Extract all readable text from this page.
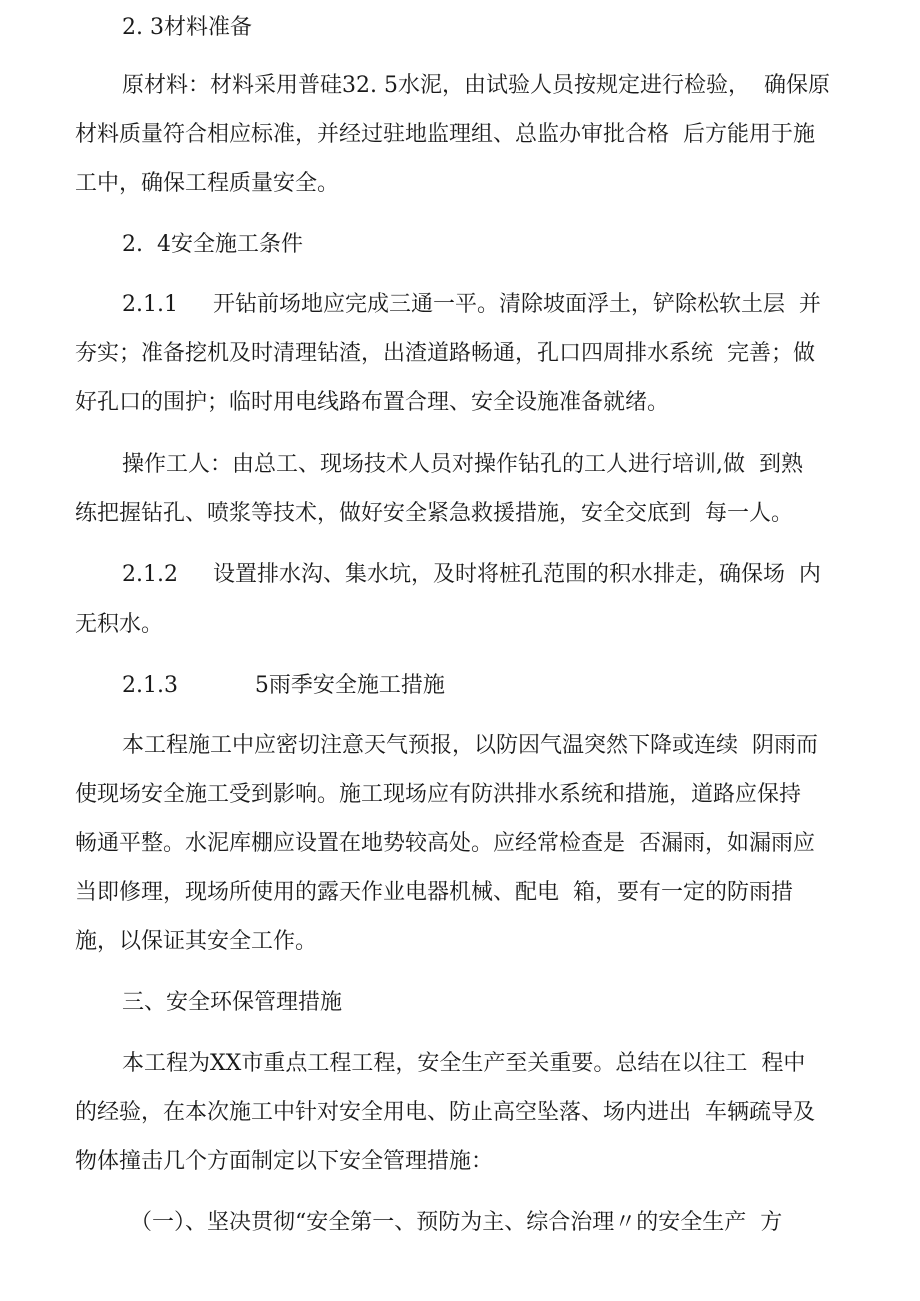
2. 3材料准备
原材料：材料采用普硅32. 5水泥，由试验人员按规定进行检验，  确保原
材料质量符合相应标准，并经过驻地监理组、总监办审批合格  后方能用于施
工中，确保工程质量安全。
2.  4安全施工条件
2.1.1     开钻前场地应完成三通一平。清除坡面浮土，铲除松软土层  并
夯实；准备挖机及时清理钻渣，出渣道路畅通，孔口四周排水系统  完善；做
好孔口的围护；临时用电线路布置合理、安全设施准备就绪。
操作工人：由总工、现场技术人员对操作钻孔的工人进行培训,做  到熟
练把握钻孔、喷浆等技术，做好安全紧急救援措施，安全交底到  每一人。
2.1.2     设置排水沟、集水坑，及时将桩孔范围的积水排走，确保场  内
无积水。
2.1.3           5雨季安全施工措施
本工程施工中应密切注意天气预报，以防因气温突然下降或连续  阴雨而
使现场安全施工受到影响。施工现场应有防洪排水系统和措施，道路应保持
畅通平整。水泥库棚应设置在地势较高处。应经常检查是  否漏雨，如漏雨应
当即修理，现场所使用的露天作业电器机械、配电  箱，要有一定的防雨措
施，以保证其安全工作。
三、安全环保管理措施
本工程为XX市重点工程工程，安全生产至关重要。总结在以往工  程中
的经验，在本次施工中针对安全用电、防止高空坠落、场内进出  车辆疏导及
物体撞击几个方面制定以下安全管理措施：
（一）、坚决贯彻“安全第一、预防为主、综合治理〃的安全生产  方
